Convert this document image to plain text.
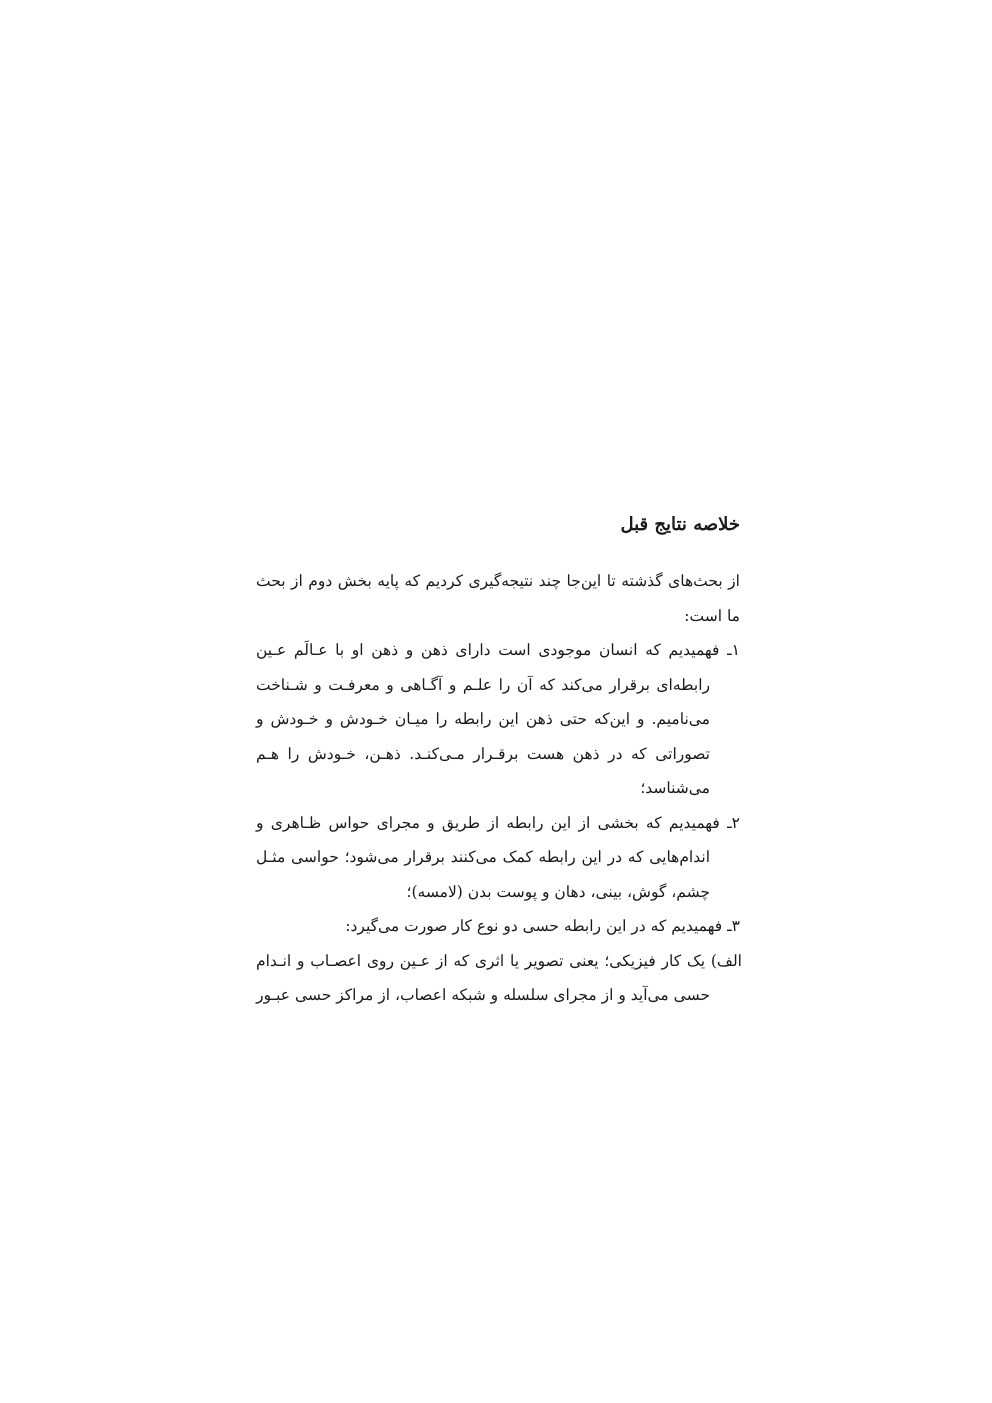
خلاصه نتایج قبل
از بحث‌های گذشته تا این‌جا چند نتیجه‌گیری کردیم که پایه بخش دوم از بحث ما است:
۱ـ فهمیدیم که انسان موجودی است دارای ذهن و ذهن او با عـالَم عـین رابطه‌ای برقرار می‌کند که آن را علـم و آگـاهی و معرفـت و شـناخت می‌نامیم. و این‌که حتی ذهن این رابطه را میـان خـودش و خـودش و تصوراتی که در ذهن هست برقـرار مـی‌کنـد. ذهـن، خـودش را هـم می‌شناسد؛
۲ـ فهمیدیم که بخشی از این رابطه از طریق و مجرای حواس ظـاهری و اندام‌هایی که در این رابطه کمک می‌کنند برقرار می‌شود؛ حواسی مثـل چشم، گوش، بینی، دهان و پوست بدن (لامسه)؛
۳ـ فهمیدیم که در این رابطه حسی دو نوع کار صورت می‌گیرد:
الف) یک کار فیزیکی؛ یعنی تصویر یا اثری که از عـین روی اعصـاب و انـدام حسی می‌آید و از مجرای سلسله و شبکه اعصاب، از مراکز حسی عبـور
